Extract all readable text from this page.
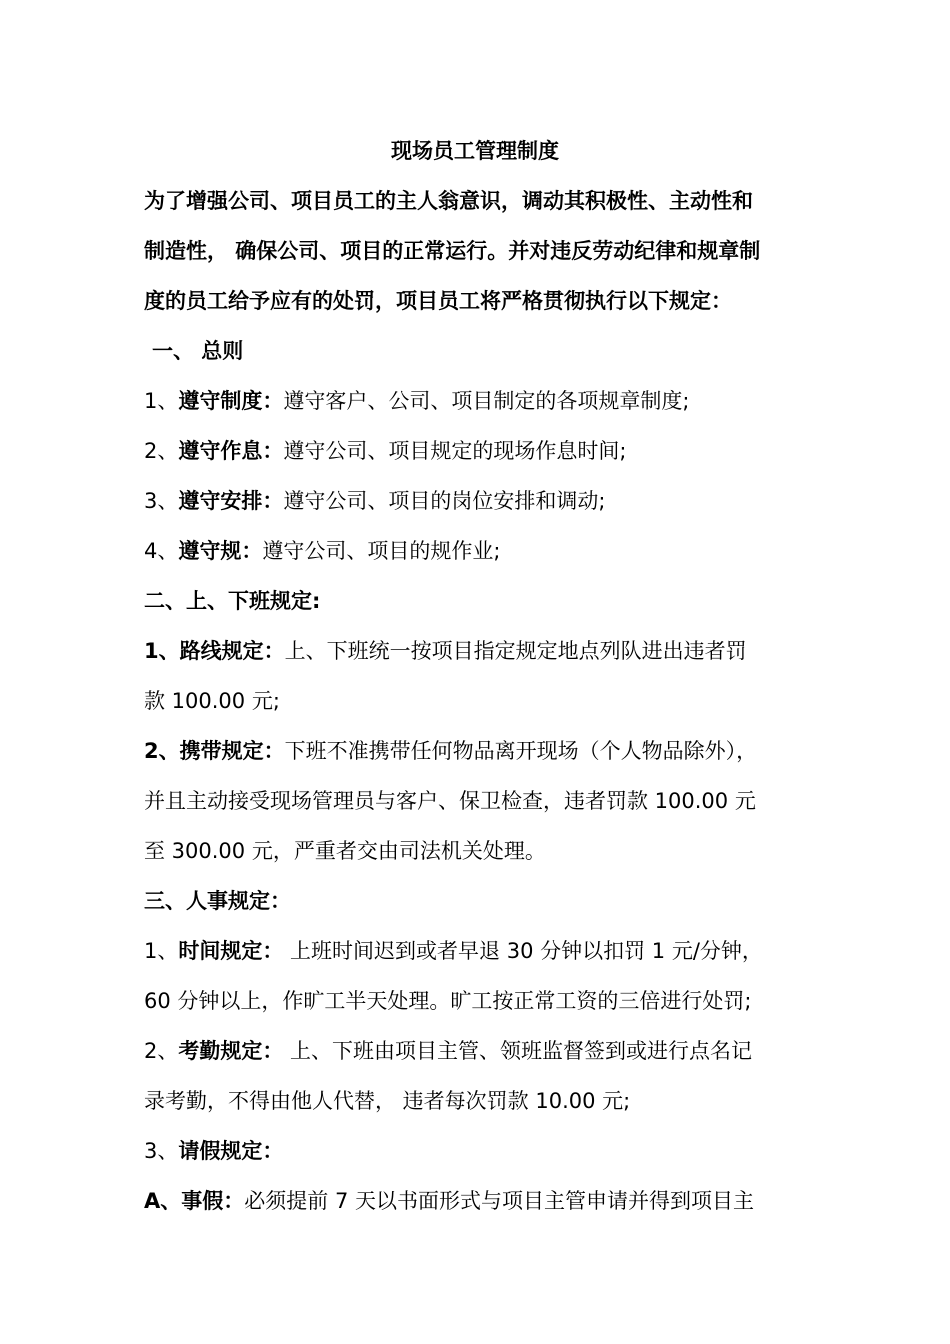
现场员工管理制度

为了增强公司、项目员工的主人翁意识，调动其积极性、主动性和

制造性， 确保公司、项目的正常运行。并对违反劳动纪律和规章制

度的员工给予应有的处罚，项目员工将严格贯彻执行以下规定：

一、 总则

1、遵守制度：遵守客户、公司、项目制定的各项规章制度;

2、遵守作息：遵守公司、项目规定的现场作息时间;

3、遵守安排：遵守公司、项目的岗位安排和调动;

4、遵守规：遵守公司、项目的规作业;

二、上、下班规定:

1、路线规定：上、下班统一按项目指定规定地点列队进出违者罚

款 100.00 元;

2、携带规定：下班不准携带任何物品离开现场（个人物品除外），

并且主动接受现场管理员与客户、保卫检查，违者罚款 100.00 元

至 300.00 元，严重者交由司法机关处理。

三、人事规定：

1、时间规定： 上班时间迟到或者早退 30 分钟以扣罚 1 元/分钟，

60 分钟以上，作旷工半天处理。旷工按正常工资的三倍进行处罚;

2、考勤规定： 上、下班由项目主管、领班监督签到或进行点名记

录考勤，不得由他人代替， 违者每次罚款 10.00 元;

3、请假规定：

A、事假：必须提前 7 天以书面形式与项目主管申请并得到项目主
